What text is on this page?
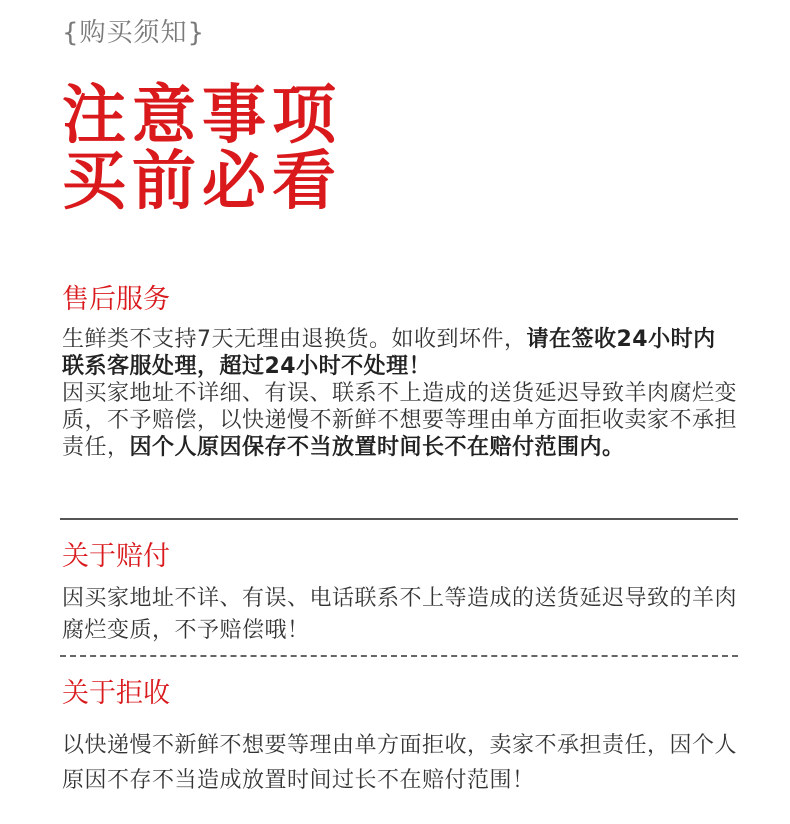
{购买须知}
注意事项
买前必看
售后服务
生鲜类不支持7天无理由退换货。如收到坏件，请在签收24小时内联系客服处理，超过24小时不处理！
因买家地址不详细、有误、联系不上造成的送货延迟导致羊肉腐烂变质，不予赔偿，以快递慢不新鲜不想要等理由单方面拒收卖家不承担责任，因个人原因保存不当放置时间长不在赔付范围内。
关于赔付
因买家地址不详、有误、电话联系不上等造成的送货延迟导致的羊肉腐烂变质，不予赔偿哦！
关于拒收
以快递慢不新鲜不想要等理由单方面拒收，卖家不承担责任，因个人原因不存不当造成放置时间过长不在赔付范围！
